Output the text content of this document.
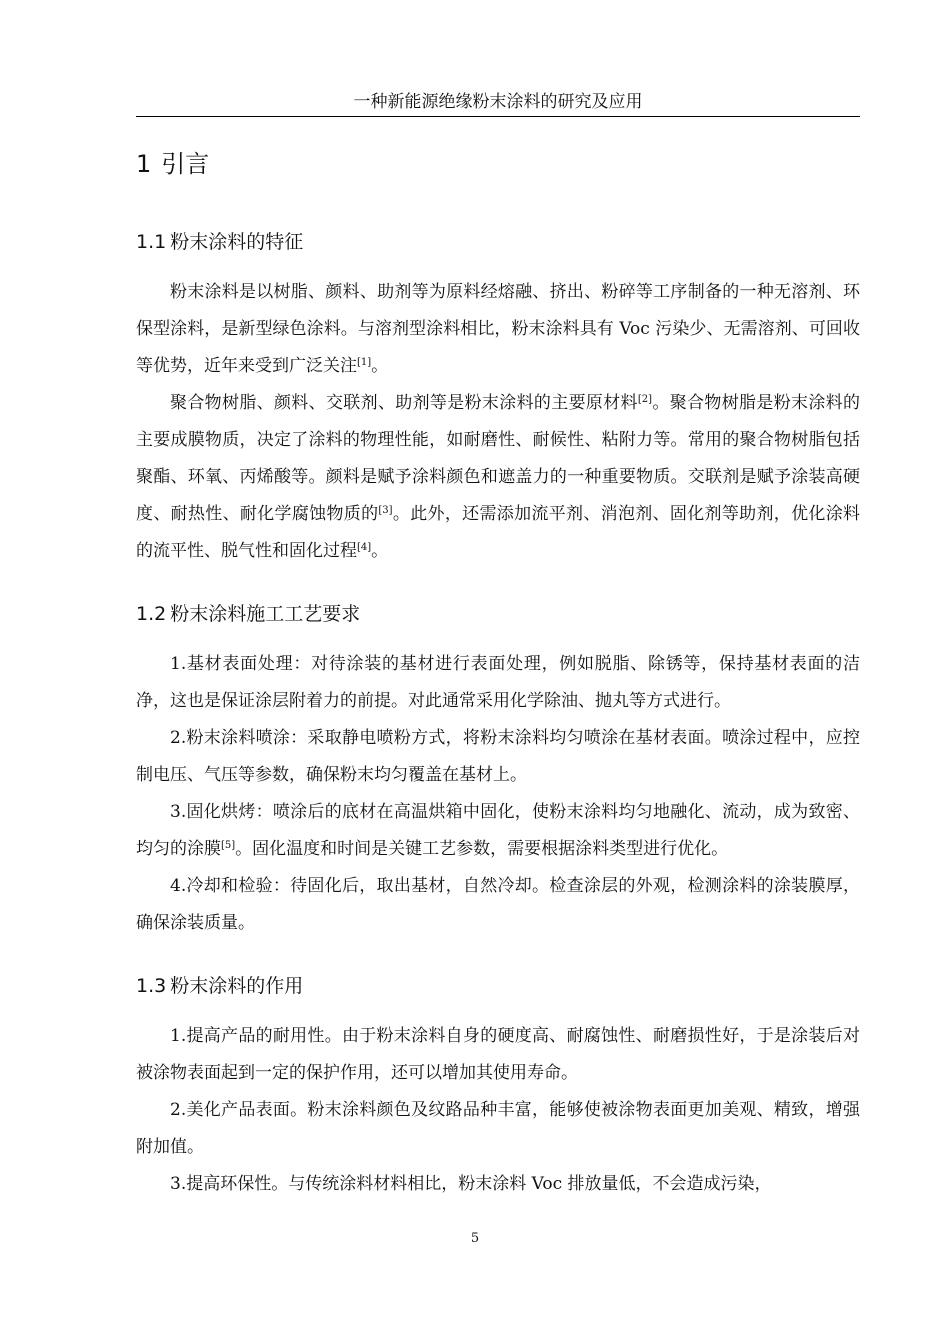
一种新能源绝缘粉末涂料的研究及应用
1 引言
1.1 粉末涂料的特征

粉末涂料是以树脂、颜料、助剂等为原料经熔融、挤出、粉碎等工序制备的一种无溶剂、环保型涂料，是新型绿色涂料。与溶剂型涂料相比，粉末涂料具有 Voc 污染少、无需溶剂、可回收等优势，近年来受到广泛关注[1]。

聚合物树脂、颜料、交联剂、助剂等是粉末涂料的主要原材料[2]。聚合物树脂是粉末涂料的主要成膜物质，决定了涂料的物理性能，如耐磨性、耐候性、粘附力等。常用的聚合物树脂包括聚酯、环氧、丙烯酸等。颜料是赋予涂料颜色和遮盖力的一种重要物质。交联剂是赋予涂装高硬度、耐热性、耐化学腐蚀物质的[3]。此外，还需添加流平剂、消泡剂、固化剂等助剂，优化涂料的流平性、脱气性和固化过程[4]。

1.2 粉末涂料施工工艺要求

1.基材表面处理：对待涂装的基材进行表面处理，例如脱脂、除锈等，保持基材表面的洁净，这也是保证涂层附着力的前提。对此通常采用化学除油、抛丸等方式进行。

2.粉末涂料喷涂：采取静电喷粉方式，将粉末涂料均匀喷涂在基材表面。喷涂过程中，应控制电压、气压等参数，确保粉末均匀覆盖在基材上。

3.固化烘烤：喷涂后的底材在高温烘箱中固化，使粉末涂料均匀地融化、流动，成为致密、均匀的涂膜[5]。固化温度和时间是关键工艺参数，需要根据涂料类型进行优化。

4.冷却和检验：待固化后，取出基材，自然冷却。检查涂层的外观，检测涂料的涂装膜厚，确保涂装质量。

1.3 粉末涂料的作用

1.提高产品的耐用性。由于粉末涂料自身的硬度高、耐腐蚀性、耐磨损性好，于是涂装后对被涂物表面起到一定的保护作用，还可以增加其使用寿命。

2.美化产品表面。粉末涂料颜色及纹路品种丰富，能够使被涂物表面更加美观、精致，增强附加值。

3.提高环保性。与传统涂料材料相比，粉末涂料 Voc 排放量低，不会造成污染，

5
